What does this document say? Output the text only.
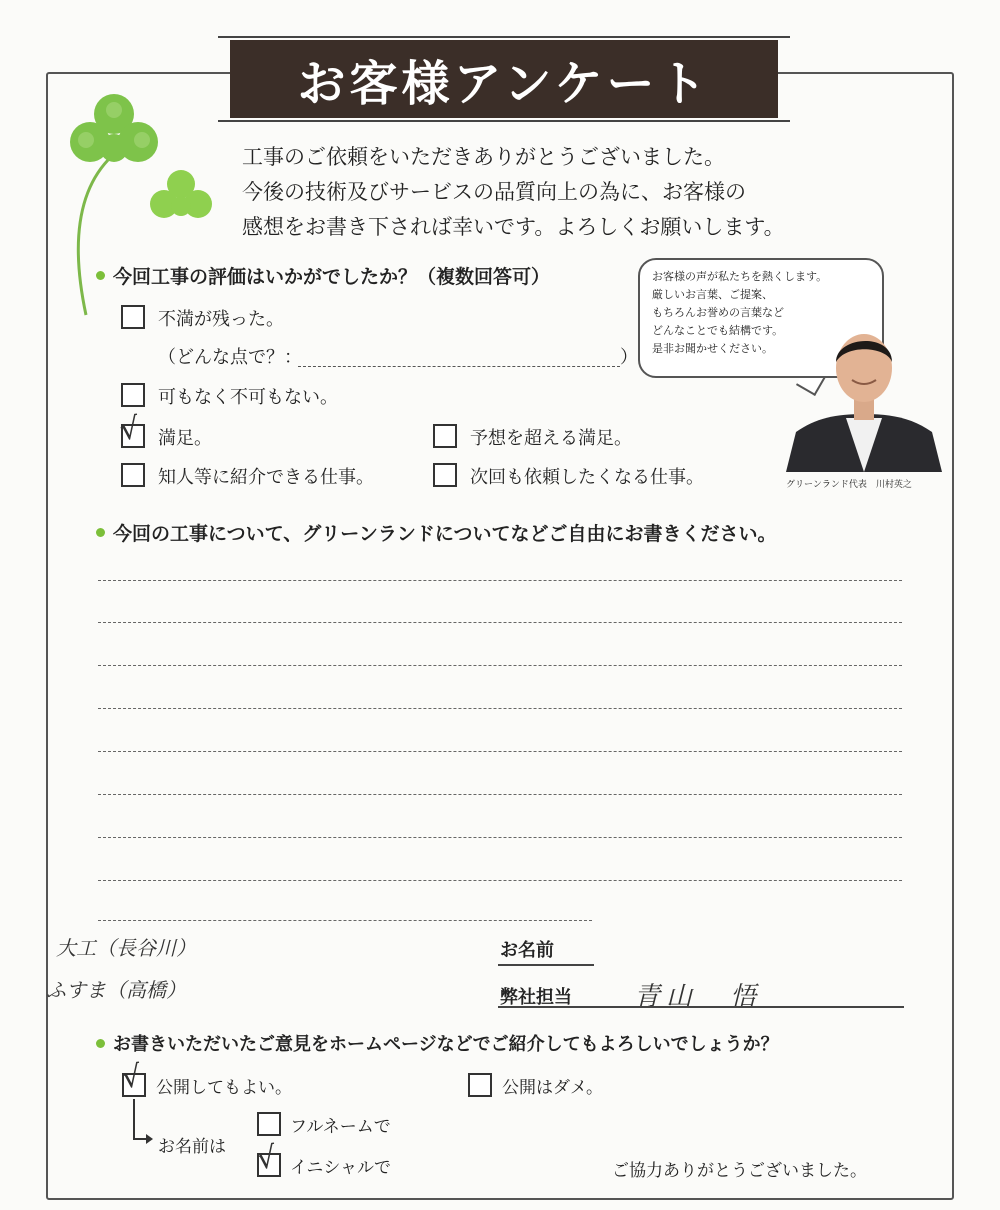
お客様アンケート
工事のご依頼をいただきありがとうございました。
今後の技術及びサービスの品質向上の為に、お客様の
感想をお書き下されば幸いです。よろしくお願いします。
今回工事の評価はいかがでしたか？（複数回答可）
不満が残った。
（どんな点で？：	）
可もなく不可もない。
√ 満足。	予想を超える満足。
知人等に紹介できる仕事。	次回も依頼したくなる仕事。
お客様の声が私たちを熱くします。
厳しいお言葉、ご提案、
もちろんお誉めの言葉など
どんなことでも結構です。
是非お聞かせください。
グリーンランド代表　川村英之
今回の工事について、グリーンランドについてなどご自由にお書きください。
大工（長谷川）
ふすま（高橋）
お名前
弊社担当 青山　悟
お書きいただいたご意見をホームページなどでご紹介してもよろしいでしょうか？
√ 公開してもよい。	公開はダメ。
お名前は
フルネームで
√ イニシャルで	ご協力ありがとうございました。
